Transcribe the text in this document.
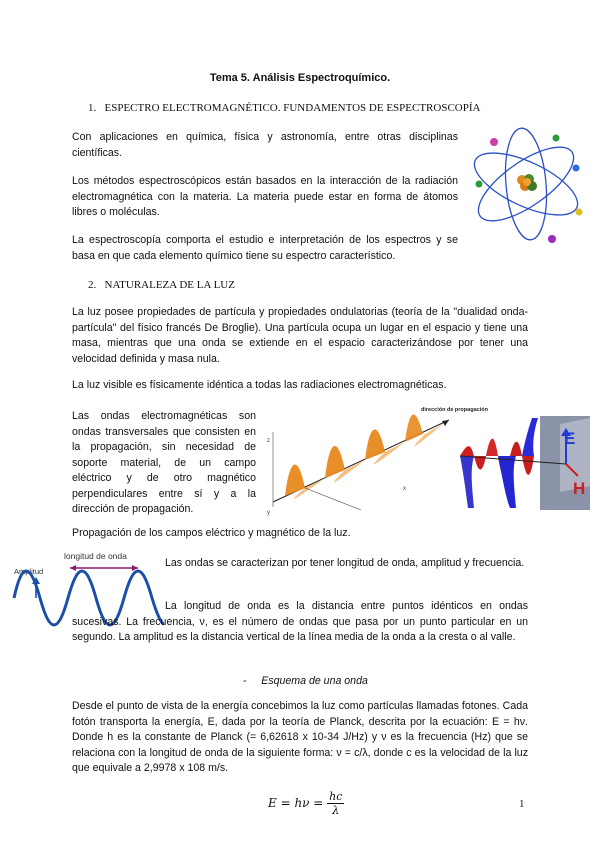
Tema 5. Análisis Espectroquímico.
1. ESPECTRO ELECTROMAGNÉTICO. FUNDAMENTOS DE ESPECTROSCOPÍA
Con aplicaciones en química, física y astronomía, entre otras disciplinas científicas.
Los métodos espectroscópicos están basados en la interacción de la radiación electromagnética con la materia. La materia puede estar en forma de átomos libres o moléculas.
La espectroscopía comporta el estudio e interpretación de los espectros y se basa en que cada elemento químico tiene su espectro característico.
2. NATURALEZA DE LA LUZ
La luz posee propiedades de partícula y propiedades ondulatorias (teoría de la "dualidad onda-partícula" del físico francés De Broglie). Una partícula ocupa un lugar en el espacio y tiene una masa, mientras que una onda se extiende en el espacio caracterizándose por tener una velocidad definida y masa nula.
La luz visible es físicamente idéntica a todas las radiaciones electromagnéticas.
Las ondas electromagnéticas son ondas transversales que consisten en la propagación, sin necesidad de soporte material, de un campo eléctrico y de otro magnético perpendiculares entre sí y a la dirección de propagación.
dirección de propagación
z
x
y
E
H
Propagación de los campos eléctrico y magnético de la luz.
longitud de onda
Amplitud
Las ondas se caracterizan por tener longitud de onda, amplitud y frecuencia.
La longitud de onda es la distancia entre puntos idénticos en ondas sucesivas. La frecuencia, ν, es el número de ondas que pasa por un punto particular en un segundo. La amplitud es la distancia vertical de la línea media de la onda a la cresta o al valle.
- Esquema de una onda
Desde el punto de vista de la energía concebimos la luz como partículas llamadas fotones. Cada fotón transporta la energía, E, dada por la teoría de Planck, descrita por la ecuación: E = hν. Donde h es la constante de Planck (= 6,62618 x 10-34 J/Hz) y ν es la frecuencia (Hz) que se relaciona con la longitud de onda de la siguiente forma: ν = c/λ, donde c es la velocidad de la luz que equivale a 2,9978 x 108 m/s.
$E = h\nu = \frac{hc}{\lambda}$	1
